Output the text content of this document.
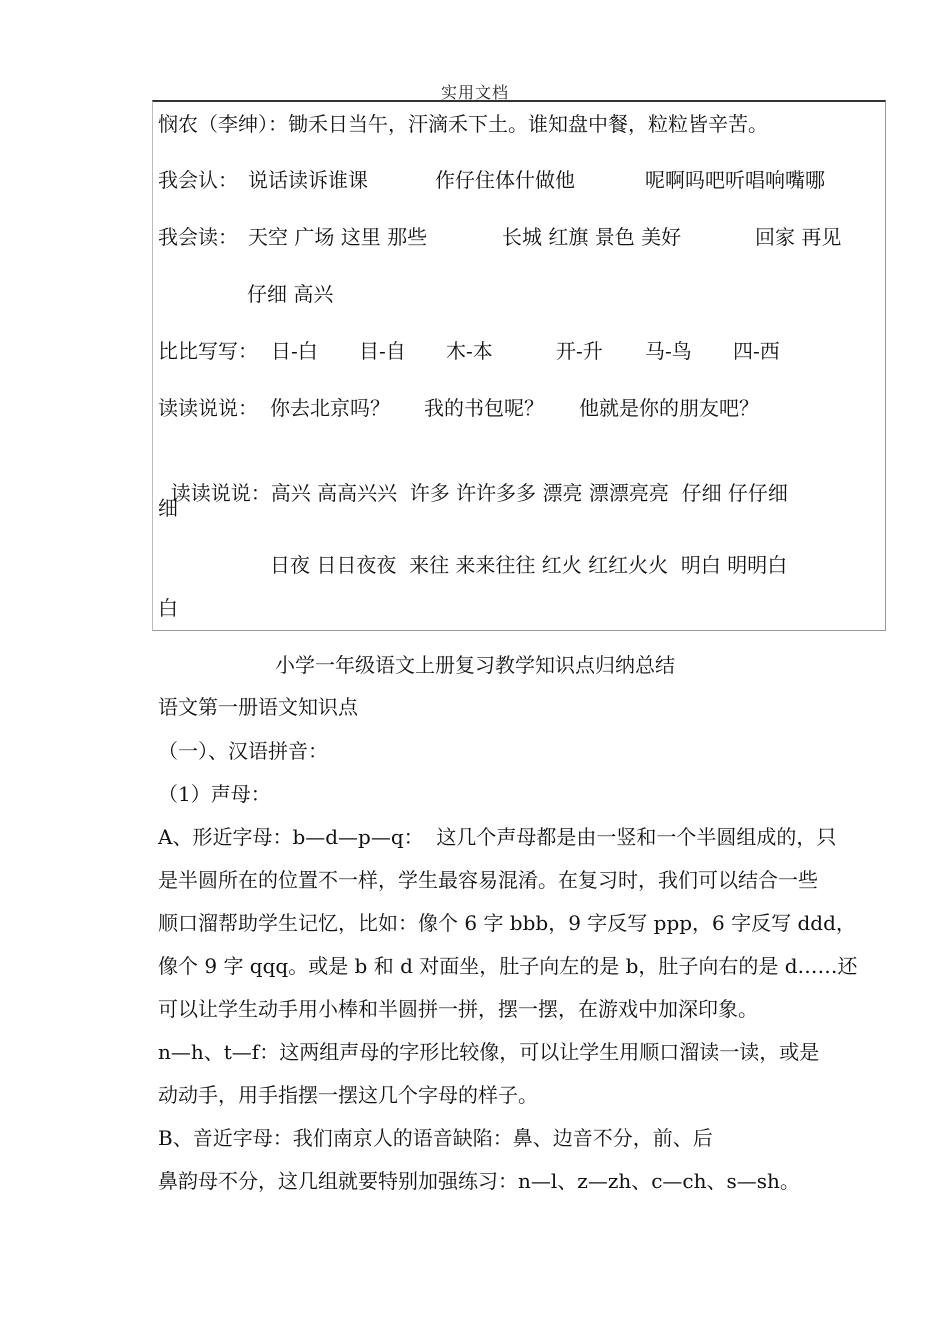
实用文档
悯农（李绅）：锄禾日当午，汗滴禾下土。谁知盘中餐，粒粒皆辛苦。
我会认： 说话读诉谁课	作仔住体什做他	呢啊吗吧听唱响嘴哪
我会读： 天空 广场 这里 那些	长城 红旗 景色 美好	回家 再见
仔细 高兴
比比写写： 日-白 目-自 木-本	开-升 马-鸟 四-西
读读说说： 你去北京吗？ 我的书包呢？ 他就是你的朋友吧？

读读说说：高兴 高高兴兴  许多 许许多多 漂亮 漂漂亮亮  仔细 仔仔细

细
日夜 日日夜夜  来往 来来往往 红火 红红火火  明白 明明白
白
小学一年级语文上册复习教学知识点归纳总结
语文第一册语文知识点
（一）、汉语拼音：
（1）声母：
A、形近字母：b—d—p—q：  这几个声母都是由一竖和一个半圆组成的，只
是半圆所在的位置不一样，学生最容易混淆。在复习时，我们可以结合一些
顺口溜帮助学生记忆，比如：像个 6 字 bbb，9 字反写 ppp，6 字反写 ddd，
像个 9 字 qqq。或是 b 和 d 对面坐，肚子向左的是 b，肚子向右的是 d……还
可以让学生动手用小棒和半圆拼一拼，摆一摆，在游戏中加深印象。
n—h、t—f：这两组声母的字形比较像，可以让学生用顺口溜读一读，或是
动动手，用手指摆一摆这几个字母的样子。
B、音近字母：我们南京人的语音缺陷：鼻、边音不分，前、后
鼻韵母不分，这几组就要特别加强练习：n—l、z—zh、c—ch、s—sh。
